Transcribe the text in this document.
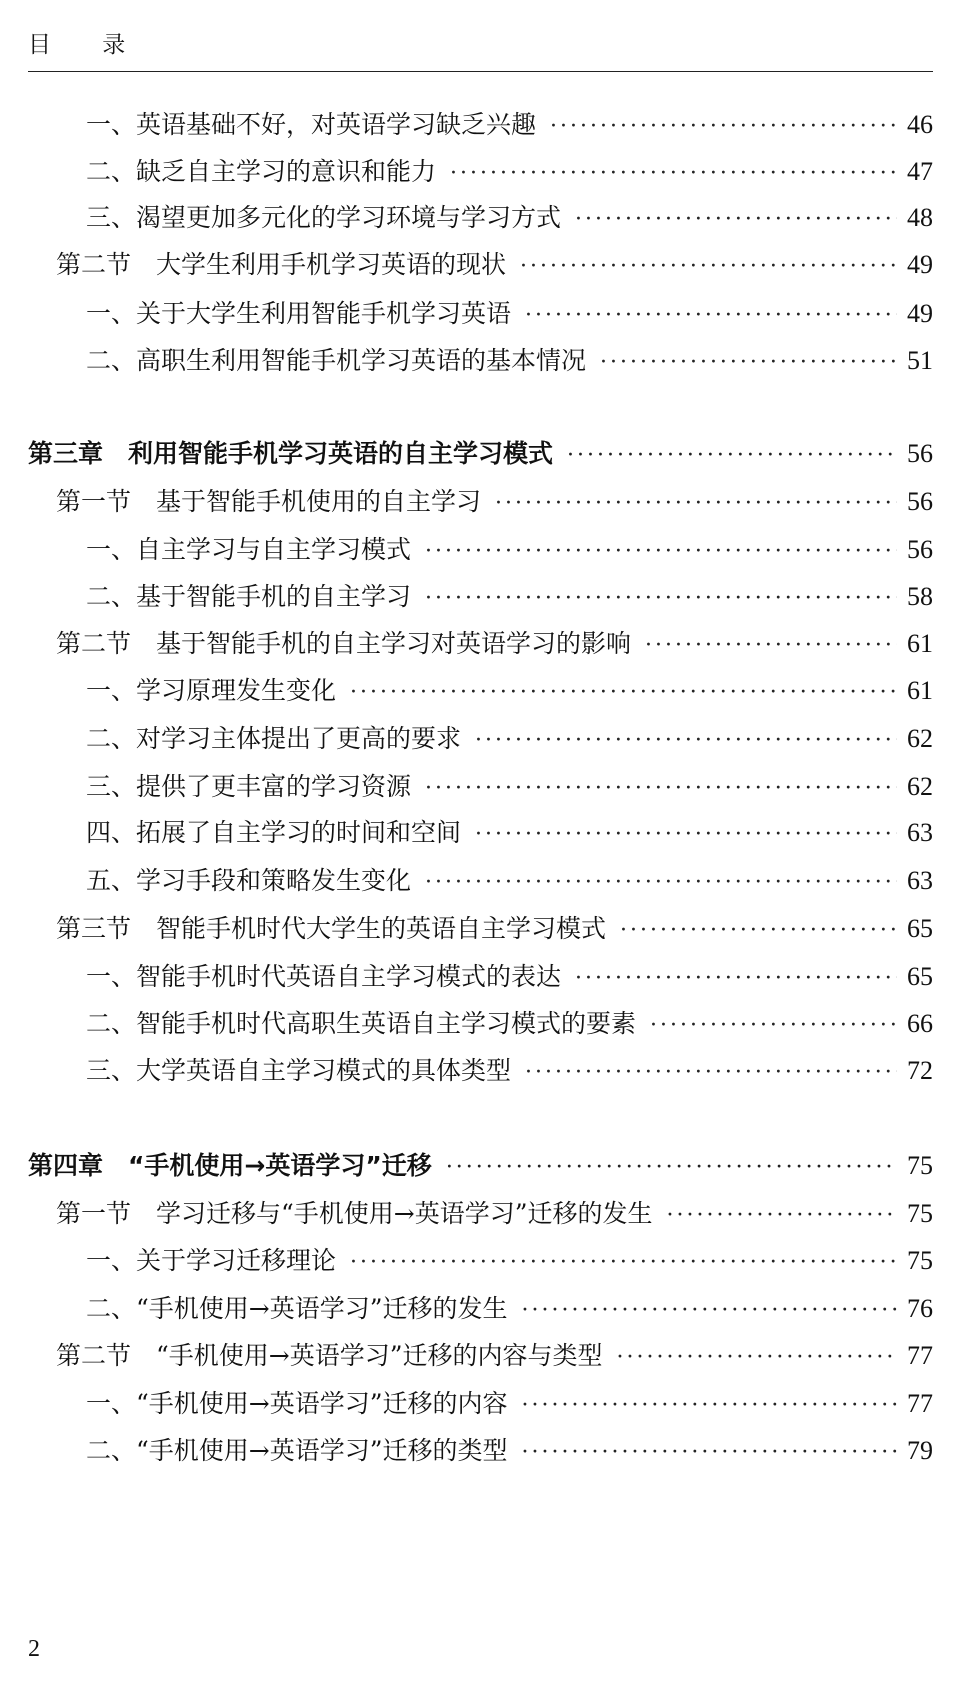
目 录
一、英语基础不好，对英语学习缺乏兴趣 ·····	46
二、缺乏自主学习的意识和能力 ·····	47
三、渴望更加多元化的学习环境与学习方式 ·····	48
第二节　大学生利用手机学习英语的现状 ·····	49
一、关于大学生利用智能手机学习英语 ·····	49
二、高职生利用智能手机学习英语的基本情况 ·····	51
第三章　利用智能手机学习英语的自主学习模式 ·····	56
第一节　基于智能手机使用的自主学习 ·····	56
一、自主学习与自主学习模式 ·····	56
二、基于智能手机的自主学习 ·····	58
第二节　基于智能手机的自主学习对英语学习的影响 ·····	61
一、学习原理发生变化 ·····	61
二、对学习主体提出了更高的要求 ·····	62
三、提供了更丰富的学习资源 ·····	62
四、拓展了自主学习的时间和空间 ·····	63
五、学习手段和策略发生变化 ·····	63
第三节　智能手机时代大学生的英语自主学习模式 ·····	65
一、智能手机时代英语自主学习模式的表达 ·····	65
二、智能手机时代高职生英语自主学习模式的要素 ·····	66
三、大学英语自主学习模式的具体类型 ·····	72
第四章　“手机使用→英语学习”迁移 ·····	75
第一节　学习迁移与“手机使用→英语学习”迁移的发生 ·····	75
一、关于学习迁移理论 ·····	75
二、“手机使用→英语学习”迁移的发生 ·····	76
第二节　“手机使用→英语学习”迁移的内容与类型 ·····	77
一、“手机使用→英语学习”迁移的内容 ·····	77
二、“手机使用→英语学习”迁移的类型 ·····	79
2
